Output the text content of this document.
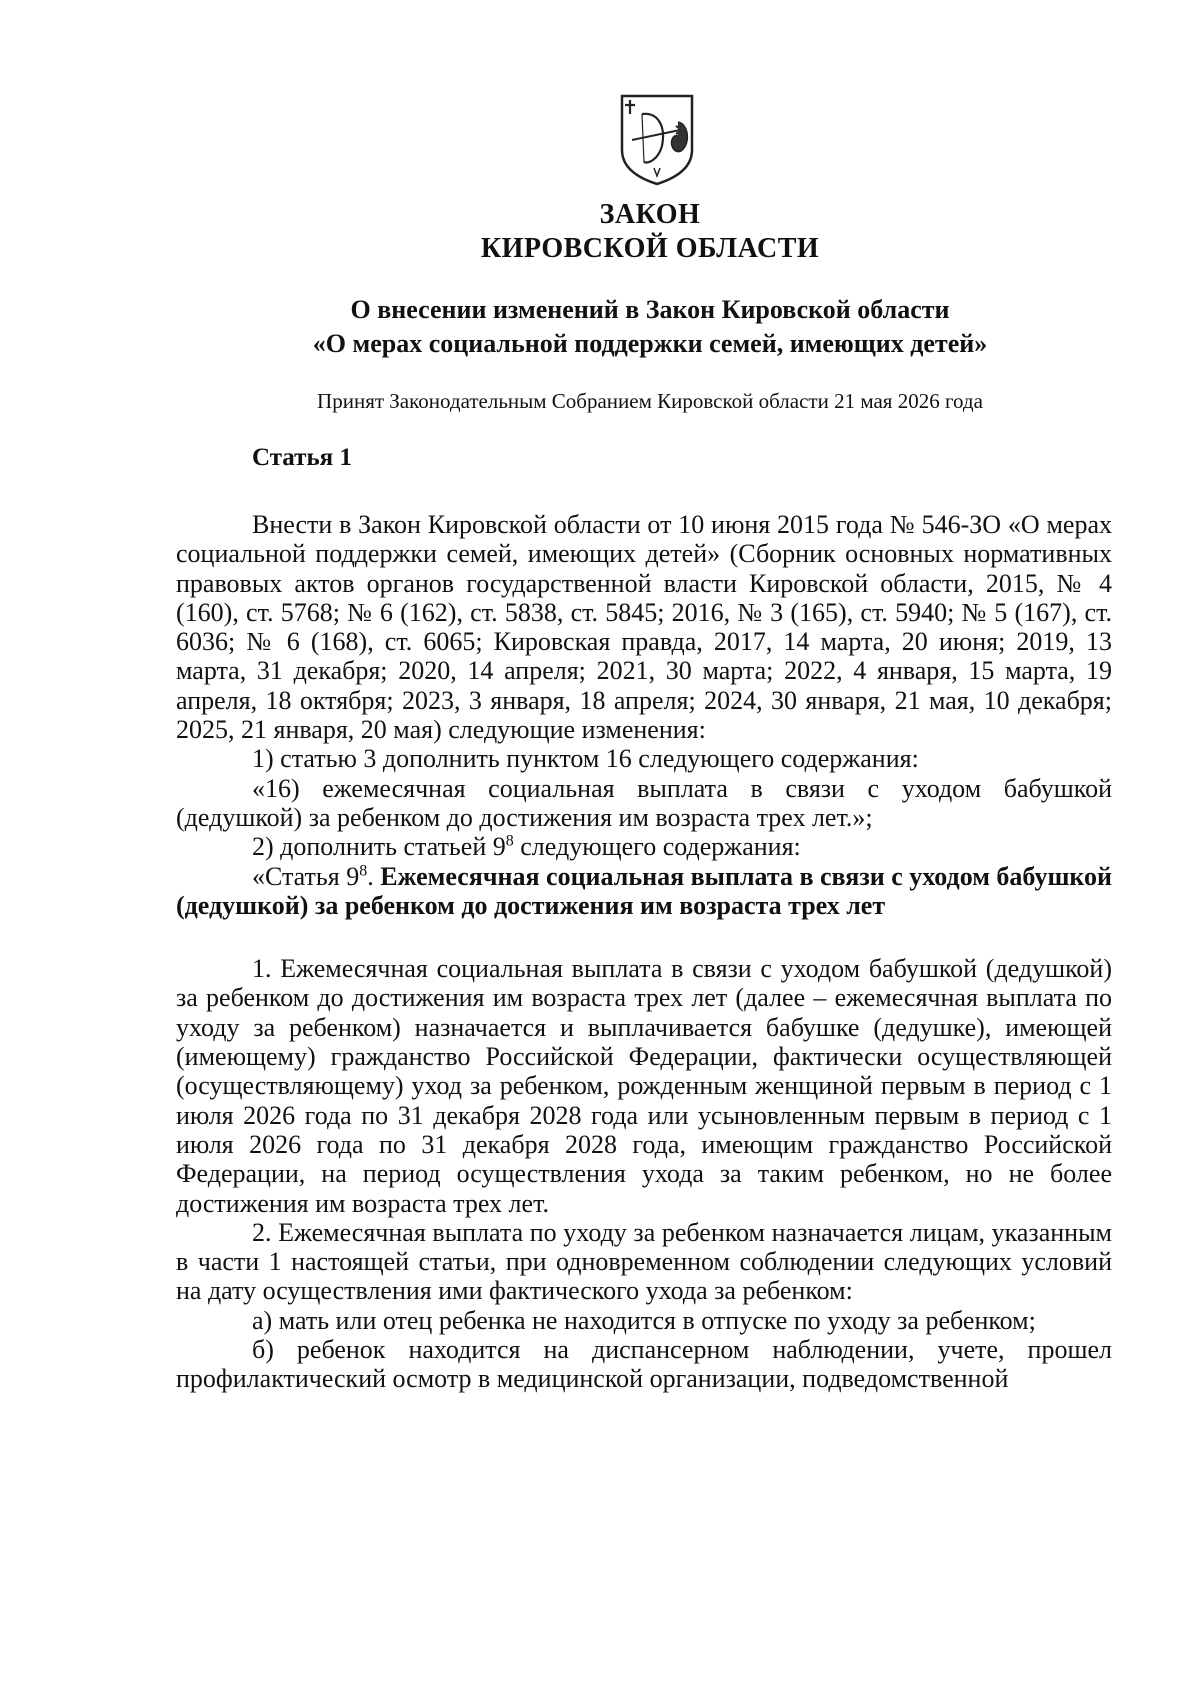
ЗАКОН
КИРОВСКОЙ ОБЛАСТИ
О внесении изменений в Закон Кировской области
«О мерах социальной поддержки семей, имеющих детей»
Принят Законодательным Собранием Кировской области 21 мая 2026 года
Статья 1

Внести в Закон Кировской области от 10 июня 2015 года № 546-ЗО «О мерах социальной поддержки семей, имеющих детей» (Сборник основных нормативных правовых актов органов государственной власти Кировской области, 2015, № 4 (160), ст. 5768; № 6 (162), ст. 5838, ст. 5845; 2016, № 3 (165), ст. 5940; № 5 (167), ст. 6036; № 6 (168), ст. 6065; Кировская правда, 2017, 14 марта, 20 июня; 2019, 13 марта, 31 декабря; 2020, 14 апреля; 2021, 30 марта; 2022, 4 января, 15 марта, 19 апреля, 18 октября; 2023, 3 января, 18 апреля; 2024, 30 января, 21 мая, 10 декабря; 2025, 21 января, 20 мая) следующие изменения:

1) статью 3 дополнить пунктом 16 следующего содержания:

«16) ежемесячная социальная выплата в связи с уходом бабушкой (дедушкой) за ребенком до достижения им возраста трех лет.»;

2) дополнить статьей $9^8$ следующего содержания:

«Статья $9^8$. Ежемесячная социальная выплата в связи с уходом бабушкой (дедушкой) за ребенком до достижения им возраста трех лет

1. Ежемесячная социальная выплата в связи с уходом бабушкой (дедушкой) за ребенком до достижения им возраста трех лет (далее – ежемесячная выплата по уходу за ребенком) назначается и выплачивается бабушке (дедушке), имеющей (имеющему) гражданство Российской Федерации, фактически осуществляющей (осуществляющему) уход за ребенком, рожденным женщиной первым в период с 1 июля 2026 года по 31 декабря 2028 года или усыновленным первым в период с 1 июля 2026 года по 31 декабря 2028 года, имеющим гражданство Российской Федерации, на период осуществления ухода за таким ребенком, но не более достижения им возраста трех лет.

2. Ежемесячная выплата по уходу за ребенком назначается лицам, указанным в части 1 настоящей статьи, при одновременном соблюдении следующих условий на дату осуществления ими фактического ухода за ребенком:

а) мать или отец ребенка не находится в отпуске по уходу за ребенком;

б) ребенок находится на диспансерном наблюдении, учете, прошел профилактический осмотр в медицинской организации, подведомственной
